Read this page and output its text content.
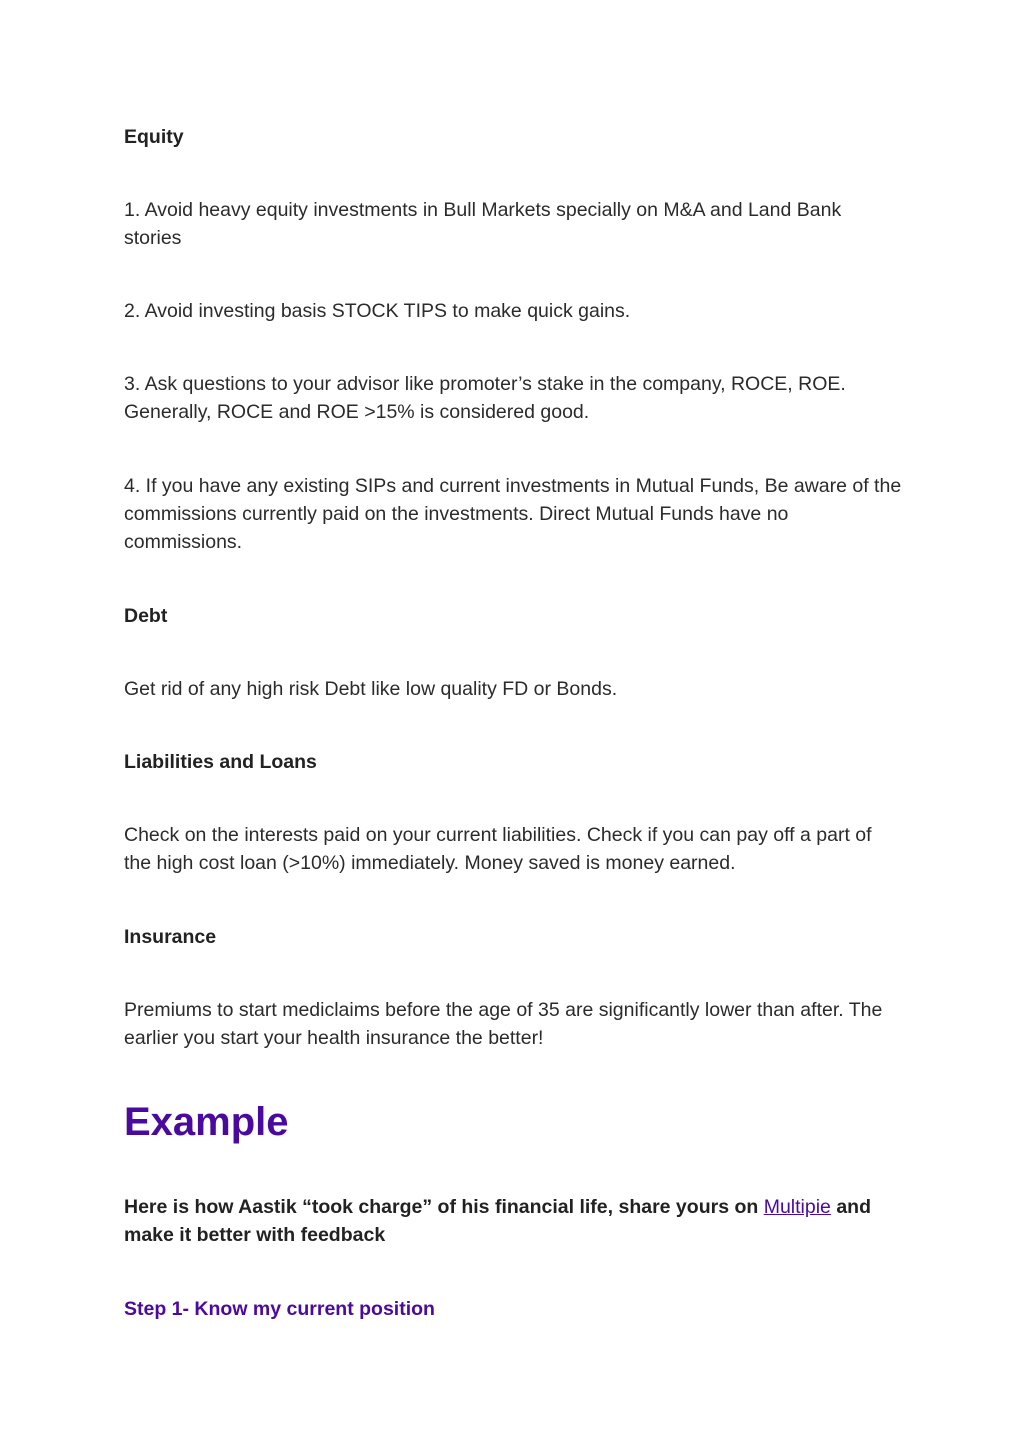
Equity

1. Avoid heavy equity investments in Bull Markets specially on M&A and Land Bank stories

2. Avoid investing basis STOCK TIPS to make quick gains.

3. Ask questions to your advisor like promoter’s stake in the company, ROCE, ROE. Generally, ROCE and ROE >15% is considered good.

4. If you have any existing SIPs and current investments in Mutual Funds, Be aware of the commissions currently paid on the investments. Direct Mutual Funds have no commissions.

Debt

Get rid of any high risk Debt like low quality FD or Bonds.

Liabilities and Loans

Check on the interests paid on your current liabilities. Check if you can pay off a part of the high cost loan (>10%) immediately. Money saved is money earned.

Insurance

Premiums to start mediclaims before the age of 35 are significantly lower than after. The earlier you start your health insurance the better!

Example

Here is how Aastik “took charge” of his financial life, share yours on Multipie and make it better with feedback

Step 1- Know my current position
